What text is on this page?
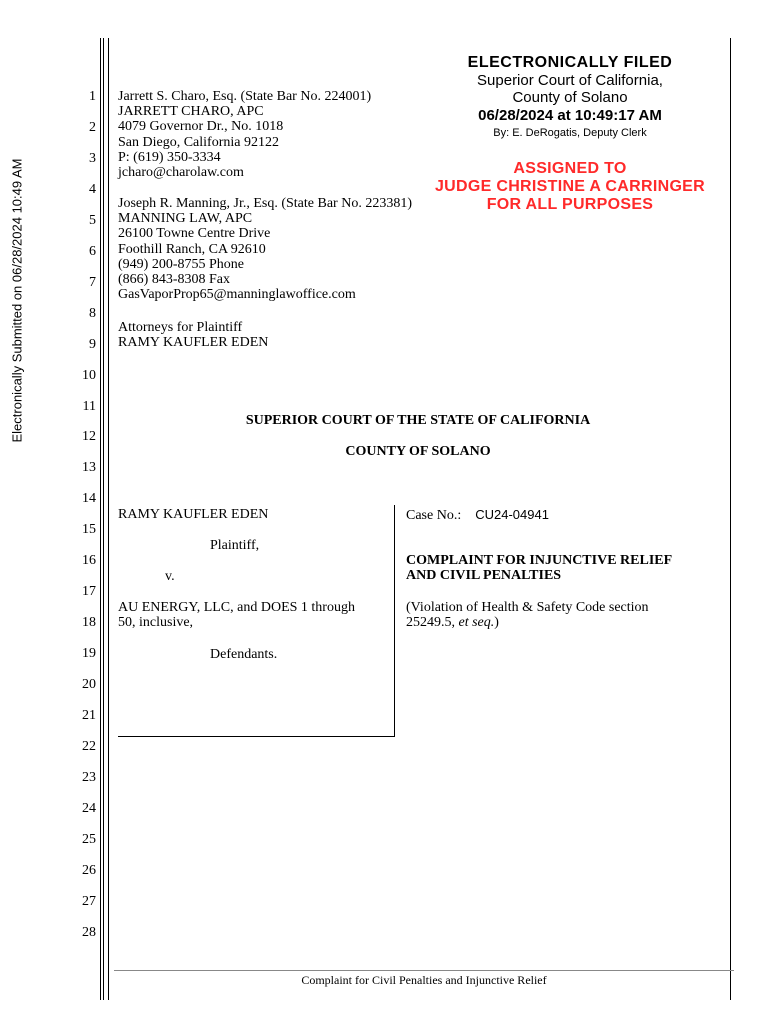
Electronically Submitted on 06/28/2024 10:49 AM
1
2
3
4
5
6
7
8
9
10
11
12
13
14
15
16
17
18
19
20
21
22
23
24
25
26
27
28
Jarrett S. Charo, Esq. (State Bar No. 224001)
JARRETT CHARO, APC
4079 Governor Dr., No. 1018
San Diego, California 92122
P: (619) 350-3334
jcharo@charolaw.com
Joseph R. Manning, Jr., Esq. (State Bar No. 223381)
MANNING LAW, APC
26100 Towne Centre Drive
Foothill Ranch, CA 92610
(949) 200-8755 Phone
(866) 843-8308 Fax
GasVaporProp65@manninglawoffice.com
Attorneys for Plaintiff
RAMY KAUFLER EDEN
ELECTRONICALLY FILED
Superior Court of California,
County of Solano
06/28/2024 at 10:49:17 AM
By: E. DeRogatis, Deputy Clerk
ASSIGNED TO
JUDGE CHRISTINE A CARRINGER
FOR ALL PURPOSES
SUPERIOR COURT OF THE STATE OF CALIFORNIA
COUNTY OF SOLANO
RAMY KAUFLER EDEN
Plaintiff,
v.
AU ENERGY, LLC, and DOES 1 through
50, inclusive,
Defendants.
Case No.: CU24-04941
COMPLAINT FOR INJUNCTIVE RELIEF
AND CIVIL PENALTIES
(Violation of Health & Safety Code section
25249.5, et seq.)
Complaint for Civil Penalties and Injunctive Relief
